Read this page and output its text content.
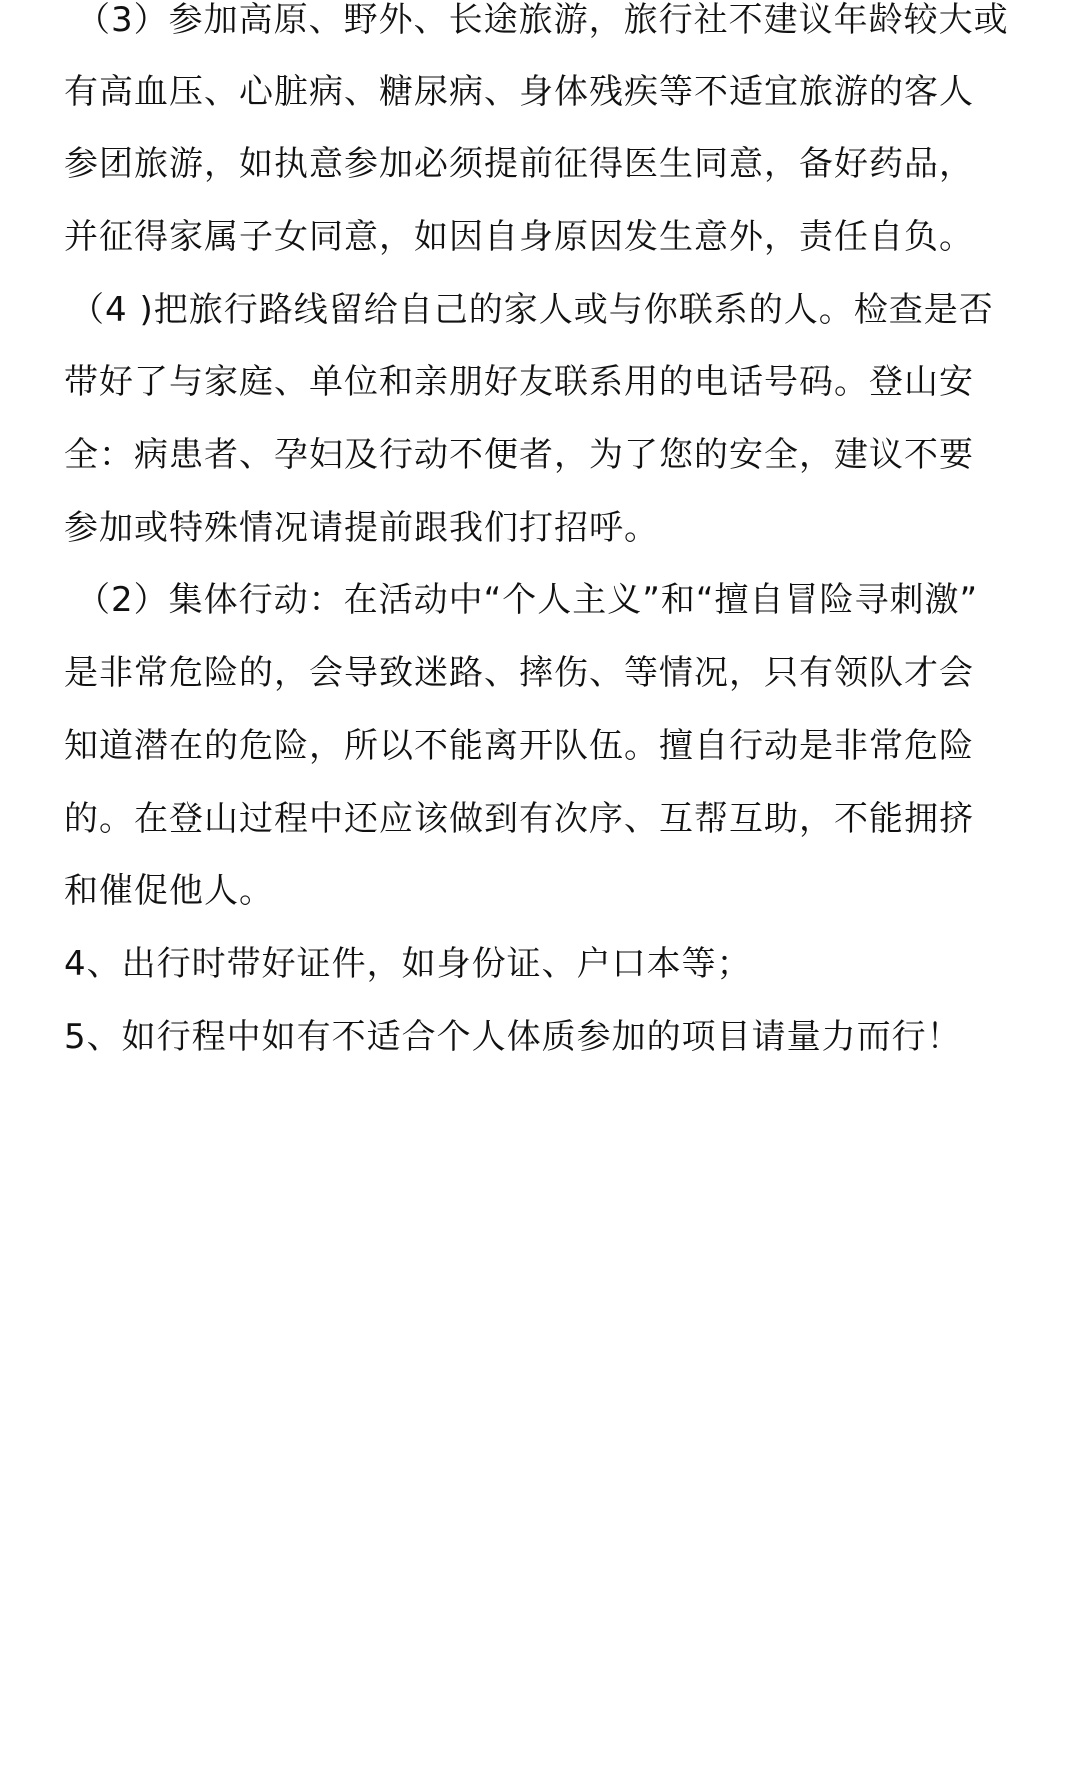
（3）参加高原、野外、长途旅游，旅行社不建议年龄较大或
有高血压、心脏病、糖尿病、身体残疾等不适宜旅游的客人
参团旅游，如执意参加必须提前征得医生同意，备好药品，
并征得家属子女同意，如因自身原因发生意外，责任自负。
（4 )把旅行路线留给自己的家人或与你联系的人。检查是否
带好了与家庭、单位和亲朋好友联系用的电话号码。登山安
全：病患者、孕妇及行动不便者，为了您的安全，建议不要
参加或特殊情况请提前跟我们打招呼。
（2）集体行动：在活动中“个人主义”和“擅自冒险寻刺激”
是非常危险的，会导致迷路、摔伤、等情况，只有领队才会
知道潜在的危险，所以不能离开队伍。擅自行动是非常危险
的。在登山过程中还应该做到有次序、互帮互助，不能拥挤
和催促他人。
4、出行时带好证件，如身份证、户口本等；
5、如行程中如有不适合个人体质参加的项目请量力而行！
